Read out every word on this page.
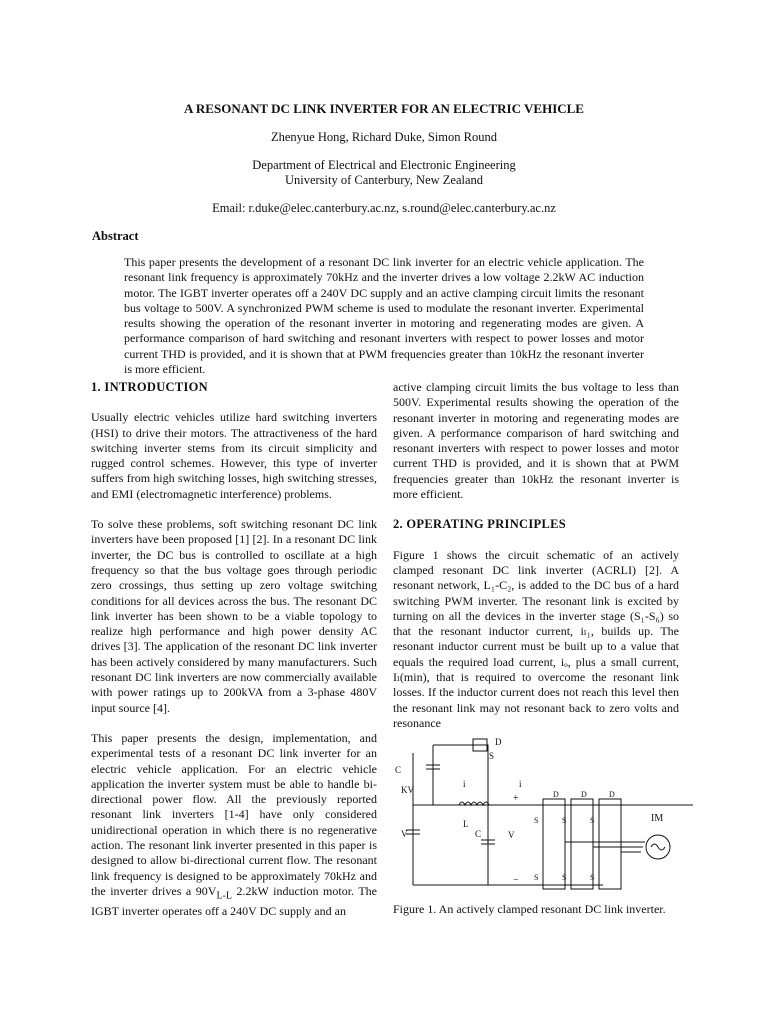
A RESONANT DC LINK INVERTER FOR AN ELECTRIC VEHICLE
Zhenyue Hong, Richard Duke, Simon Round
Department of Electrical and Electronic Engineering
University of Canterbury, New Zealand
Email: r.duke@elec.canterbury.ac.nz, s.round@elec.canterbury.ac.nz
Abstract
This paper presents the development of a resonant DC link inverter for an electric vehicle application. The resonant link frequency is approximately 70kHz and the inverter drives a low voltage 2.2kW AC induction motor. The IGBT inverter operates off a 240V DC supply and an active clamping circuit limits the resonant bus voltage to 500V. A synchronized PWM scheme is used to modulate the resonant inverter. Experimental results showing the operation of the resonant inverter in motoring and regenerating modes are given. A performance comparison of hard switching and resonant inverters with respect to power losses and motor current THD is provided, and it is shown that at PWM frequencies greater than 10kHz the resonant inverter is more efficient.
1. INTRODUCTION

Usually electric vehicles utilize hard switching inverters (HSI) to drive their motors. The attractiveness of the hard switching inverter stems from its circuit simplicity and rugged control schemes. However, this type of inverter suffers from high switching losses, high switching stresses, and EMI (electromagnetic interference) problems.

To solve these problems, soft switching resonant DC link inverters have been proposed [1] [2]. In a resonant DC link inverter, the DC bus is controlled to oscillate at a high frequency so that the bus voltage goes through periodic zero crossings, thus setting up zero voltage switching conditions for all devices across the bus. The resonant DC link inverter has been shown to be a viable topology to realize high performance and high power density AC drives [3]. The application of the resonant DC link inverter has been actively considered by many manufacturers. Such resonant DC link inverters are now commercially available with power ratings up to 200kVA from a 3-phase 480V input source [4].

This paper presents the design, implementation, and experimental tests of a resonant DC link inverter for an electric vehicle application. For an electric vehicle application the inverter system must be able to handle bi-directional power flow. All the previously reported resonant link inverters [1-4] have only considered unidirectional operation in which there is no regenerative action. The resonant link inverter presented in this paper is designed to allow bi-directional current flow. The resonant link frequency is designed to be approximately 70kHz and the inverter drives a $90V_{L-L}$ 2.2kW induction motor. The IGBT inverter operates off a 240V DC supply and an

active clamping circuit limits the bus voltage to less than 500V. Experimental results showing the operation of the resonant inverter in motoring and regenerating modes are given. A performance comparison of hard switching and resonant inverters with respect to power losses and motor current THD is provided, and it is shown that at PWM frequencies greater than 10kHz the resonant inverter is more efficient.

2. OPERATING PRINCIPLES

Figure 1 shows the circuit schematic of an actively clamped resonant DC link inverter (ACRLI) [2]. A resonant network, L₁-C₂, is added to the DC bus of a hard switching PWM inverter. The resonant link is excited by turning on all the devices in the inverter stage (S₁-S₆) so that the resonant inductor current, iₗ₁, builds up. The resonant inductor current must be built up to a value that equals the required load current, iₒ, plus a small current, Iₗ(min), that is required to overcome the resonant link losses. If the inductor current does not reach this level then the resonant link may not resonant back to zero volts and resonance

D
S
C
KV
i
L
V	C	V
i
IM
+
−
D	D	D
S	S	S
S	S	S
Figure 1. An actively clamped resonant DC link inverter.
